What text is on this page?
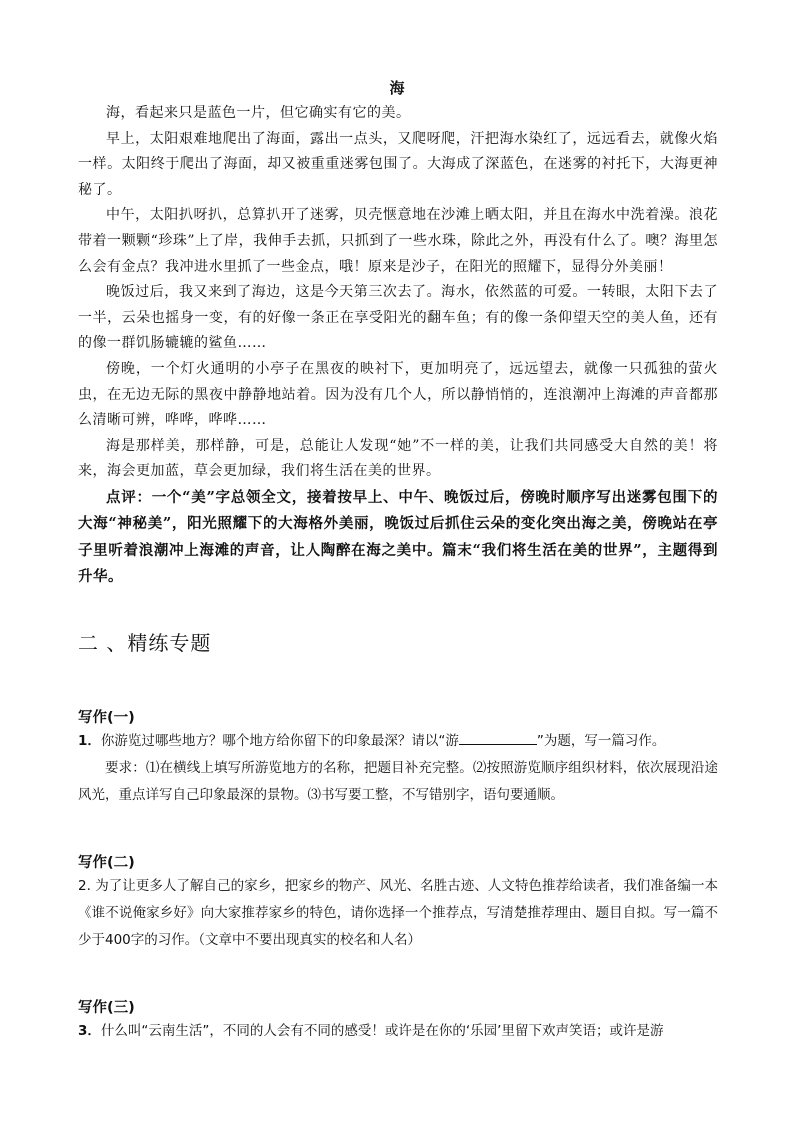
海

海，看起来只是蓝色一片，但它确实有它的美。

早上，太阳艰难地爬出了海面，露出一点头，又爬呀爬，汗把海水染红了，远远看去，就像火焰一样。太阳终于爬出了海面，却又被重重迷雾包围了。大海成了深蓝色，在迷雾的衬托下，大海更神秘了。

中午，太阳扒呀扒，总算扒开了迷雾，贝壳惬意地在沙滩上晒太阳，并且在海水中洗着澡。浪花带着一颗颗“珍珠”上了岸，我伸手去抓，只抓到了一些水珠，除此之外，再没有什么了。噢？海里怎么会有金点？我冲进水里抓了一些金点，哦！原来是沙子，在阳光的照耀下，显得分外美丽！

晚饭过后，我又来到了海边，这是今天第三次去了。海水，依然蓝的可爱。一转眼，太阳下去了一半，云朵也摇身一变，有的好像一条正在享受阳光的翻车鱼；有的像一条仰望天空的美人鱼，还有的像一群饥肠辘辘的鲨鱼……

傍晚，一个灯火通明的小亭子在黑夜的映衬下，更加明亮了，远远望去，就像一只孤独的萤火虫，在无边无际的黑夜中静静地站着。因为没有几个人，所以静悄悄的，连浪潮冲上海滩的声音都那么清晰可辨，哗哗，哗哗……

海是那样美，那样静，可是，总能让人发现“她”不一样的美，让我们共同感受大自然的美！将来，海会更加蓝，草会更加绿，我们将生活在美的世界。

点评：一个“美”字总领全文，接着按早上、中午、晚饭过后，傍晚时顺序写出迷雾包围下的大海“神秘美”，阳光照耀下的大海格外美丽，晚饭过后抓住云朵的变化突出海之美，傍晚站在亭子里听着浪潮冲上海滩的声音，让人陶醉在海之美中。篇末“我们将生活在美的世界”，主题得到升华。

二 、精练专题
写作(一)

1．你游览过哪些地方？哪个地方给你留下的印象最深？请以“游	”为题，写一篇习作。

要求：⑴在横线上填写所游览地方的名称，把题目补充完整。⑵按照游览顺序组织材料，依次展现沿途风光，重点详写自己印象最深的景物。⑶书写要工整，不写错别字，语句要通顺。

写作(二)

2. 为了让更多人了解自己的家乡，把家乡的物产、风光、名胜古迹、人文特色推荐给读者，我们准备编一本《谁不说俺家乡好》向大家推荐家乡的特色，请你选择一个推荐点，写清楚推荐理由、题目自拟。写一篇不少于400字的习作。（文章中不要出现真实的校名和人名）

写作(三)

3．什么叫“云南生活”，不同的人会有不同的感受！或许是在你的‘乐园’里留下欢声笑语；或许是游
